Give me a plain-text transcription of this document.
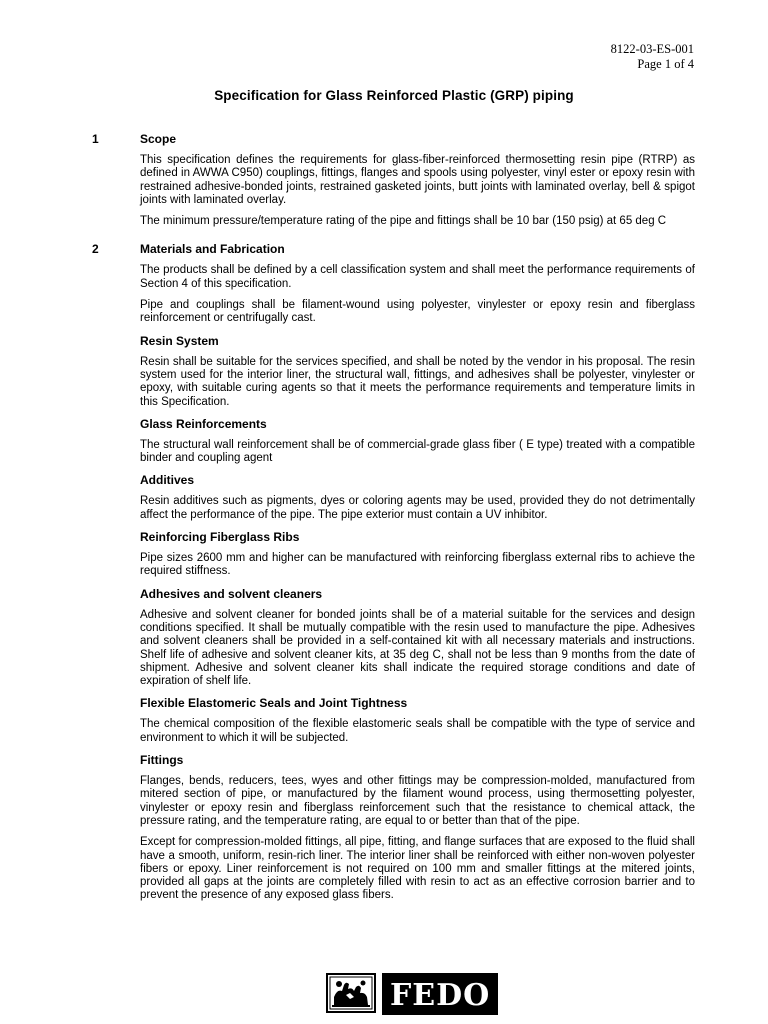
8122-03-ES-001
Page 1 of 4
Specification for Glass Reinforced Plastic (GRP) piping
1	Scope

This specification defines the requirements for glass-fiber-reinforced thermosetting resin pipe (RTRP) as defined in AWWA C950) couplings, fittings, flanges and spools using polyester, vinyl ester or epoxy resin with restrained adhesive-bonded joints, restrained gasketed joints, butt joints with laminated overlay, bell & spigot joints with laminated overlay.

The minimum pressure/temperature rating of the pipe and fittings shall be 10 bar (150 psig) at 65 deg C

2	Materials and Fabrication

The products shall be defined by a cell classification system and shall meet the performance requirements of Section 4 of this specification.

Pipe and couplings shall be filament-wound using polyester, vinylester or epoxy resin and fiberglass reinforcement or centrifugally cast.

Resin System

Resin shall be suitable for the services specified, and shall be noted by the vendor in his proposal. The resin system used for the interior liner, the structural wall, fittings, and adhesives shall be polyester, vinylester or epoxy, with suitable curing agents so that it meets the performance requirements and temperature limits in this Specification.

Glass Reinforcements

The structural wall reinforcement shall be of commercial-grade glass fiber ( E type) treated with a compatible binder and coupling agent

Additives

Resin additives such as pigments, dyes or coloring agents may be used, provided they do not detrimentally affect the performance of the pipe. The pipe exterior must contain a UV inhibitor.

Reinforcing Fiberglass Ribs

Pipe sizes 2600 mm and higher can be manufactured with reinforcing fiberglass external ribs to achieve the required stiffness.

Adhesives and solvent cleaners

Adhesive and solvent cleaner for bonded joints shall be of a material suitable for the services and design conditions specified. It shall be mutually compatible with the resin used to manufacture the pipe. Adhesives and solvent cleaners shall be provided in a self-contained kit with all necessary materials and instructions. Shelf life of adhesive and solvent cleaner kits, at 35 deg C, shall not be less than 9 months from the date of shipment. Adhesive and solvent cleaner kits shall indicate the required storage conditions and date of expiration of shelf life.

Flexible Elastomeric Seals and Joint Tightness

The chemical composition of the flexible elastomeric seals shall be compatible with the type of service and environment to which it will be subjected.

Fittings

Flanges, bends, reducers, tees, wyes and other fittings may be compression-molded, manufactured from mitered section of pipe, or manufactured by the filament wound process, using thermosetting polyester, vinylester or epoxy resin and fiberglass reinforcement such that the resistance to chemical attack, the pressure rating, and the temperature rating, are equal to or better than that of the pipe.

Except for compression-molded fittings, all pipe, fitting, and flange surfaces that are exposed to the fluid shall have a smooth, uniform, resin-rich liner. The interior liner shall be reinforced with either non-woven polyester fibers or epoxy. Liner reinforcement is not required on 100 mm and smaller fittings at the mitered joints, provided all gaps at the joints are completely filled with resin to act as an effective corrosion barrier and to prevent the presence of any exposed glass fibers.

FEDO
